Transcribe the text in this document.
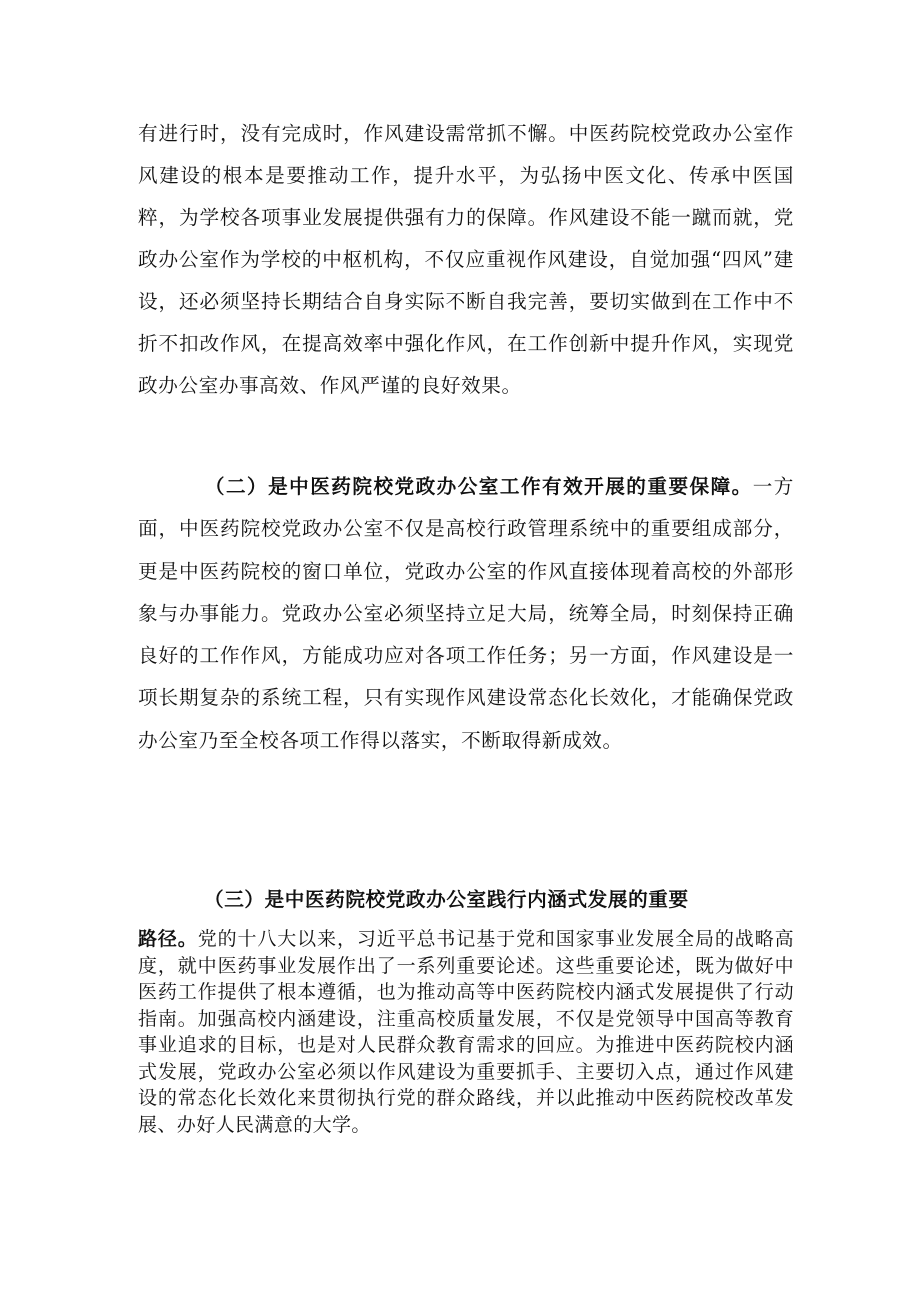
有进行时，没有完成时，作风建设需常抓不懈。中医药院校党政办公室作风建设的根本是要推动工作，提升水平，为弘扬中医文化、传承中医国粹，为学校各项事业发展提供强有力的保障。作风建设不能一蹴而就，党政办公室作为学校的中枢机构，不仅应重视作风建设，自觉加强“四风”建设，还必须坚持长期结合自身实际不断自我完善，要切实做到在工作中不折不扣改作风，在提高效率中强化作风，在工作创新中提升作风，实现党政办公室办事高效、作风严谨的良好效果。
（二）是中医药院校党政办公室工作有效开展的重要保障。一方面，中医药院校党政办公室不仅是高校行政管理系统中的重要组成部分，更是中医药院校的窗口单位，党政办公室的作风直接体现着高校的外部形象与办事能力。党政办公室必须坚持立足大局，统筹全局，时刻保持正确良好的工作作风，方能成功应对各项工作任务；另一方面，作风建设是一项长期复杂的系统工程，只有实现作风建设常态化长效化，才能确保党政办公室乃至全校各项工作得以落实，不断取得新成效。
（三）是中医药院校党政办公室践行内涵式发展的重要
路径。党的十八大以来，习近平总书记基于党和国家事业发展全局的战略高度，就中医药事业发展作出了一系列重要论述。这些重要论述，既为做好中医药工作提供了根本遵循，也为推动高等中医药院校内涵式发展提供了行动指南。加强高校内涵建设，注重高校质量发展，不仅是党领导中国高等教育事业追求的目标，也是对人民群众教育需求的回应。为推进中医药院校内涵式发展，党政办公室必须以作风建设为重要抓手、主要切入点，通过作风建设的常态化长效化来贯彻执行党的群众路线，并以此推动中医药院校改革发展、办好人民满意的大学。
